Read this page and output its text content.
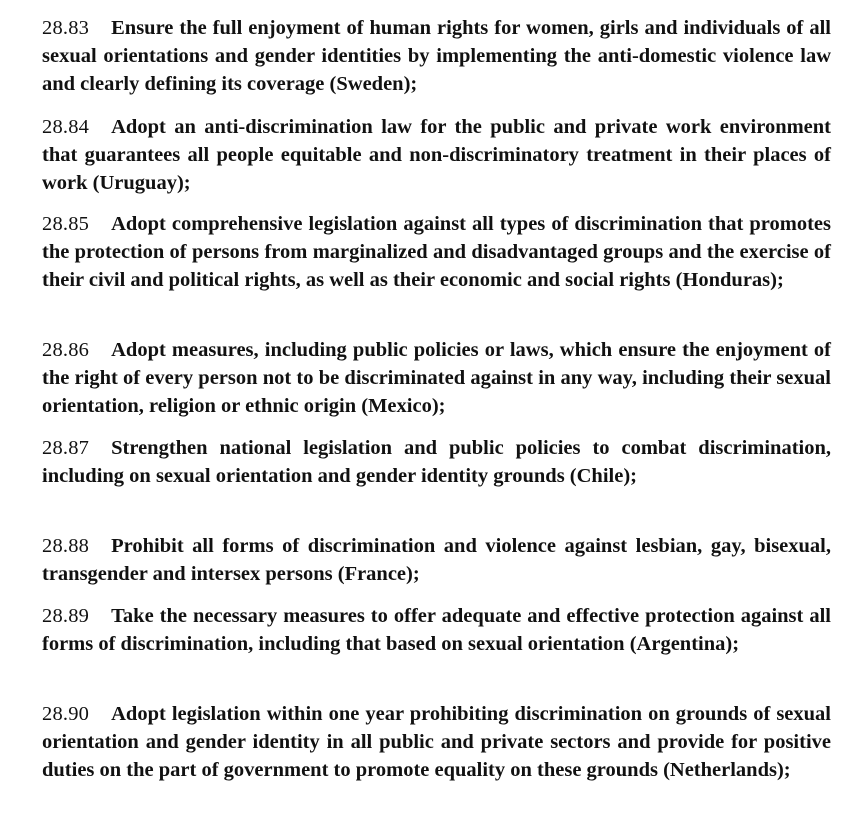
28.83 Ensure the full enjoyment of human rights for women, girls and individuals of all sexual orientations and gender identities by implementing the anti-domestic violence law and clearly defining its coverage (Sweden);
28.84 Adopt an anti-discrimination law for the public and private work environment that guarantees all people equitable and non-discriminatory treatment in their places of work (Uruguay);
28.85 Adopt comprehensive legislation against all types of discrimination that promotes the protection of persons from marginalized and disadvantaged groups and the exercise of their civil and political rights, as well as their economic and social rights (Honduras);
28.86 Adopt measures, including public policies or laws, which ensure the enjoyment of the right of every person not to be discriminated against in any way, including their sexual orientation, religion or ethnic origin (Mexico);
28.87 Strengthen national legislation and public policies to combat discrimination, including on sexual orientation and gender identity grounds (Chile);
28.88 Prohibit all forms of discrimination and violence against lesbian, gay, bisexual, transgender and intersex persons (France);
28.89 Take the necessary measures to offer adequate and effective protection against all forms of discrimination, including that based on sexual orientation (Argentina);
28.90 Adopt legislation within one year prohibiting discrimination on grounds of sexual orientation and gender identity in all public and private sectors and provide for positive duties on the part of government to promote equality on these grounds (Netherlands);
